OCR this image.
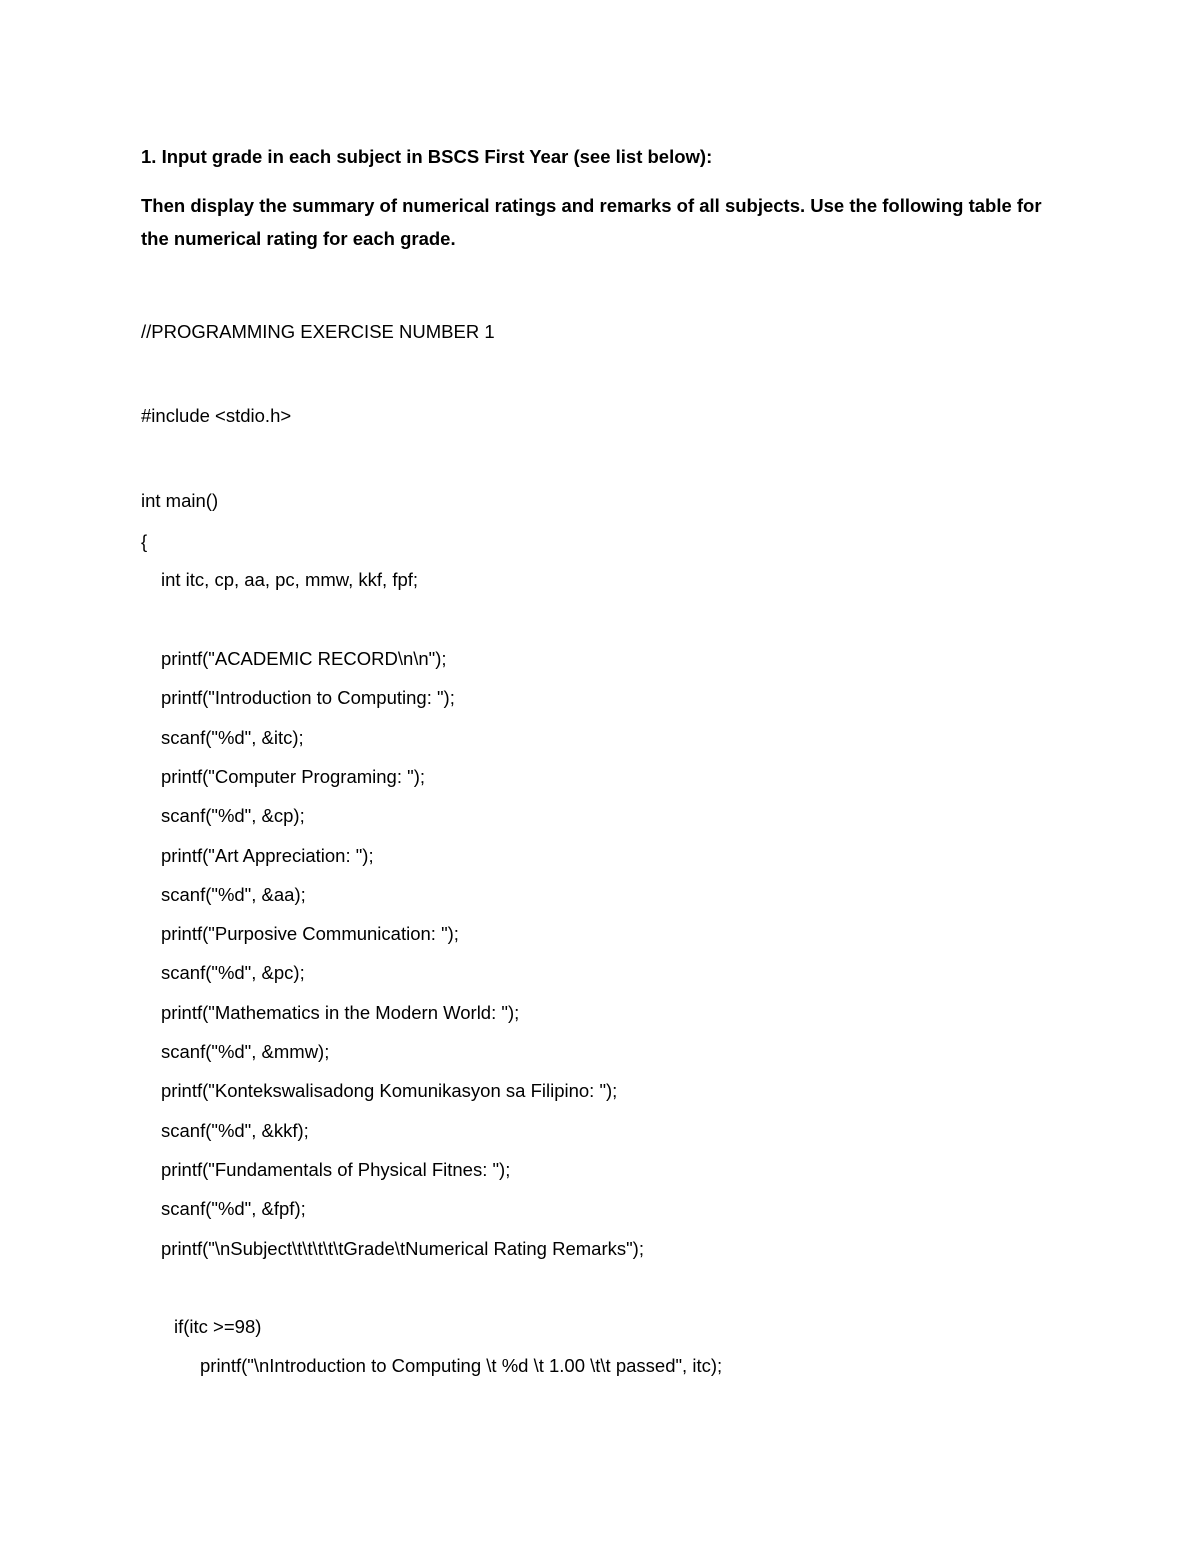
1. Input grade in each subject in BSCS First Year (see list below):
Then display the summary of numerical ratings and remarks of all subjects. Use the following table for
the numerical rating for each grade.
//PROGRAMMING EXERCISE NUMBER 1
#include <stdio.h>
int main()
{
int itc, cp, aa, pc, mmw, kkf, fpf;
printf("ACADEMIC RECORD\n\n");
printf("Introduction to Computing: ");
scanf("%d", &itc);
printf("Computer Programing: ");
scanf("%d", &cp);
printf("Art Appreciation: ");
scanf("%d", &aa);
printf("Purposive Communication: ");
scanf("%d", &pc);
printf("Mathematics in the Modern World: ");
scanf("%d", &mmw);
printf("Kontekswalisadong Komunikasyon sa Filipino: ");
scanf("%d", &kkf);
printf("Fundamentals of Physical Fitnes: ");
scanf("%d", &fpf);
printf("\nSubject\t\t\t\t\tGrade\tNumerical Rating Remarks");
if(itc >=98)
printf("\nIntroduction to Computing \t %d \t 1.00 \t\t passed", itc);
